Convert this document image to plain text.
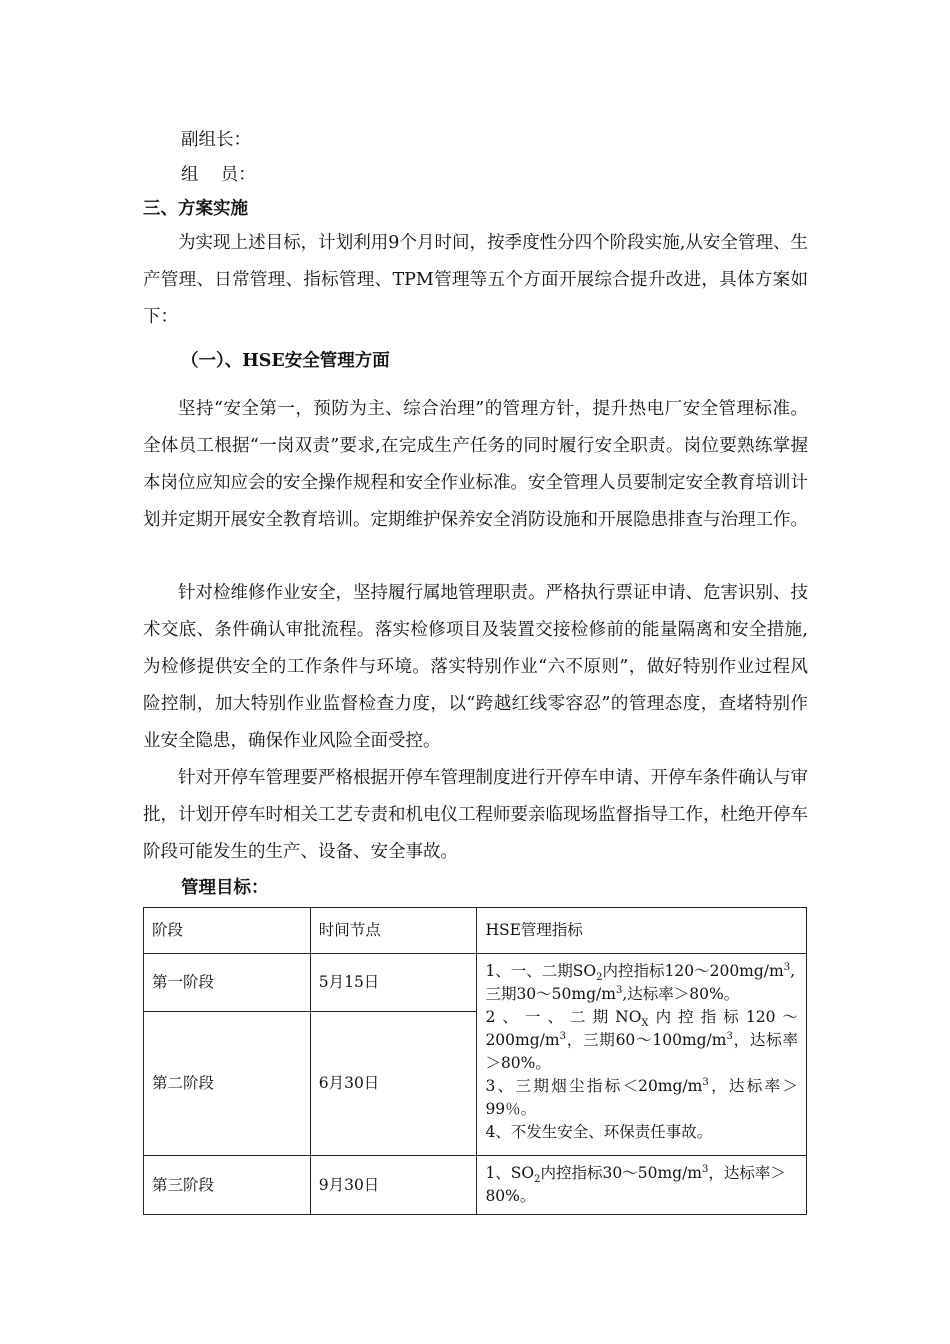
副组长：
组    员：
三、方案实施
为实现上述目标，计划利用9个月时间，按季度性分四个阶段实施,从安全管理、生产管理、日常管理、指标管理、TPM管理等五个方面开展综合提升改进，具体方案如下：
（一）、HSE安全管理方面
坚持“安全第一，预防为主、综合治理”的管理方针，提升热电厂安全管理标准。全体员工根据“一岗双责”要求,在完成生产任务的同时履行安全职责。岗位要熟练掌握本岗位应知应会的安全操作规程和安全作业标准。安全管理人员要制定安全教育培训计划并定期开展安全教育培训。定期维护保养安全消防设施和开展隐患排查与治理工作。
针对检维修作业安全，坚持履行属地管理职责。严格执行票证申请、危害识别、技术交底、条件确认审批流程。落实检修项目及装置交接检修前的能量隔离和安全措施,为检修提供安全的工作条件与环境。落实特别作业“六不原则”，做好特别作业过程风险控制，加大特别作业监督检查力度，以“跨越红线零容忍”的管理态度，查堵特别作业安全隐患，确保作业风险全面受控。
针对开停车管理要严格根据开停车管理制度进行开停车申请、开停车条件确认与审批，计划开停车时相关工艺专责和机电仪工程师要亲临现场监督指导工作，杜绝开停车阶段可能发生的生产、设备、安全事故。
管理目标：
阶段	时间节点	HSE管理指标
第一阶段	5月15日	1、一、二期$SO_2$内控指标$120\sim 200mg/m^3$,
三期$30\sim 50mg/m^3$,达标率＞80%。
2、一、二期$NO_X$内控指标$120\sim 200mg/m^3$，三期$60\sim 100mg/m^3$，达标率＞80%。
3、三期烟尘指标$<20mg/m^3$，达标率＞99％。
4、不发生安全、环保责任事故。

第二阶段	6月30日	
第三阶段	9月30日	1、$SO_2$内控指标$30\sim 50mg/m^3$，达标率＞80%。
